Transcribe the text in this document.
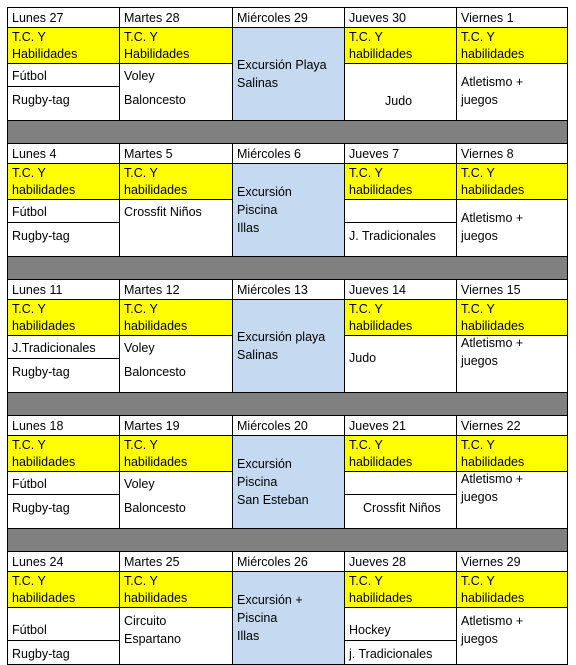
Lunes 27
T.C. Y
Habilidades
Fútbol
Rugby-tag
Martes 28
T.C. Y
Habilidades
Voley
Baloncesto
Miércoles 29
Excursión Playa
Salinas
Jueves 30
T.C. Y
habilidades
Judo
Viernes 1
T.C. Y
habilidades
Atletismo +
juegos
Lunes 4
T.C. Y
habilidades
Fútbol
Rugby-tag
Martes 5
T.C. Y
habilidades
Crossfit Niños
Miércoles 6
Excursión
Piscina
Illas
Jueves 7
T.C. Y
habilidades
J. Tradicionales
Viernes 8
T.C. Y
habilidades
Atletismo +
juegos
Lunes 11
T.C. Y
habilidades
J.Tradicionales
Rugby-tag
Martes 12
T.C. Y
habilidades
Voley
Baloncesto
Miércoles 13
Excursión playa
Salinas
Jueves 14
T.C. Y
habilidades
Judo
Viernes 15
T.C. Y
habilidades
Atletismo +
juegos
Lunes 18
T.C. Y
habilidades
Fútbol
Rugby-tag
Martes 19
T.C. Y
habilidades
Voley
Baloncesto
Miércoles 20
Excursión
Piscina
San Esteban
Jueves 21
T.C. Y
habilidades
Crossfit Niños
Viernes 22
T.C. Y
habilidades
Atletismo +
juegos
Lunes 24
T.C. Y
habilidades
Fútbol
Rugby-tag
Martes 25
T.C. Y
habilidades
Circuito
Espartano
Miércoles 26
Excursión +
Piscina
Illas
Jueves 28
T.C. Y
habilidades
Hockey
j. Tradicionales
Viernes 29
T.C. Y
habilidades
Atletismo +
juegos
